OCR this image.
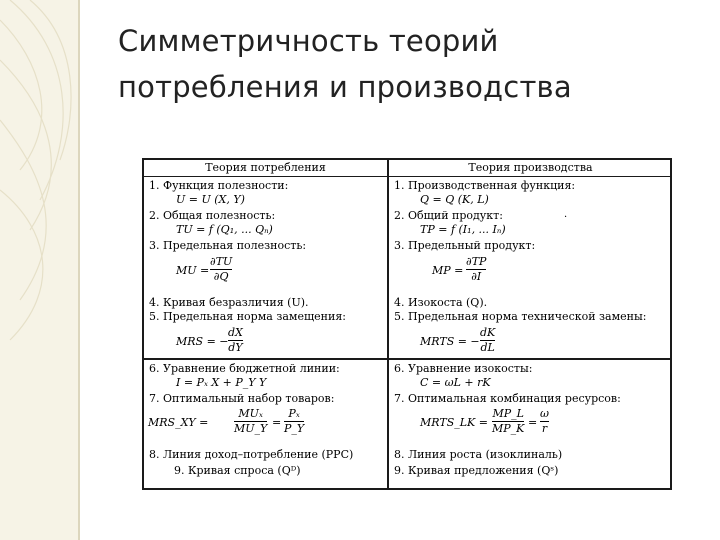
Симметричность теорий
потребления и производства
Теория потребления	Теория производства
1. Функция полезности:
U = U (X, Y)
2. Общая полезность:
TU = f (Q₁, ... Qₙ)
3. Предельная полезность:
MU =
∂TU
∂Q
4. Кривая безразличия (U).
5. Предельная норма замещения:
MRS = −
dX
dY
6. Уравнение бюджетной линии:
I = Pₓ X + P_Y Y
7. Оптимальный набор товаров:
MRS_XY =
MUₓ
MU_Y =
Pₓ
P_Y
8. Линия доход–потребление (PPC)
9. Кривая спроса (Qᴰ)
1. Производственная функция:
Q = Q (K, L)
2. Общий продукт:	·
TP = f (I₁, ... Iₙ)
3. Предельный продукт:
MP =
∂TP
∂I
4. Изокоста (Q).
5. Предельная норма технической замены:
MRTS = −
dK
dL
6. Уравнение изокосты:
C = ωL + rK
7. Оптимальная комбинация ресурсов:
MRTS_LK =
MP_L
MP_K =
ω
r
8. Линия роста (изоклиналь)
9. Кривая предложения (Qˢ)
